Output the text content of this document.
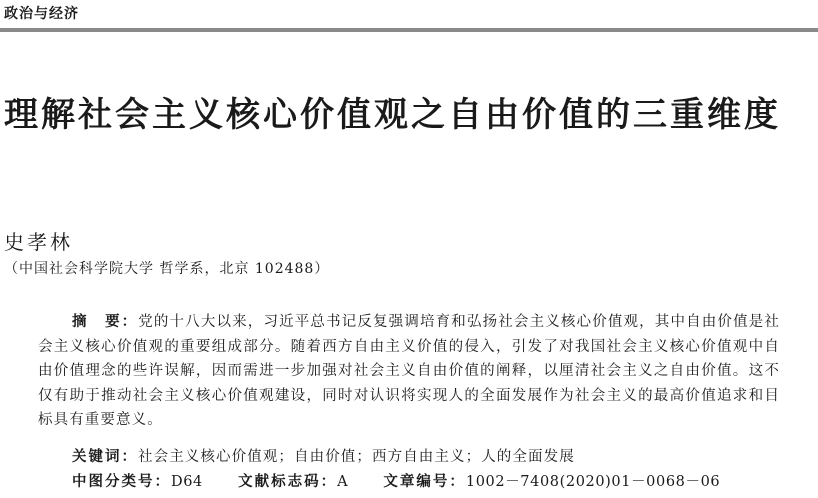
政治与经济
理解社会主义核心价值观之自由价值的三重维度
史孝林
（中国社会科学院大学 哲学系，北京 102488）

摘　要：党的十八大以来，习近平总书记反复强调培育和弘扬社会主义核心价值观，其中自由价值是社会主义核心价值观的重要组成部分。随着西方自由主义价值的侵入，引发了对我国社会主义核心价值观中自由价值理念的些许误解，因而需进一步加强对社会主义自由价值的阐释，以厘清社会主义之自由价值。这不仅有助于推动社会主义核心价值观建设，同时对认识将实现人的全面发展作为社会主义的最高价值追求和目标具有重要意义。

关键词：社会主义核心价值观；自由价值；西方自由主义；人的全面发展
中图分类号：D64 文献标志码：A 文章编号：1002－7408(2020)01－0068－06
